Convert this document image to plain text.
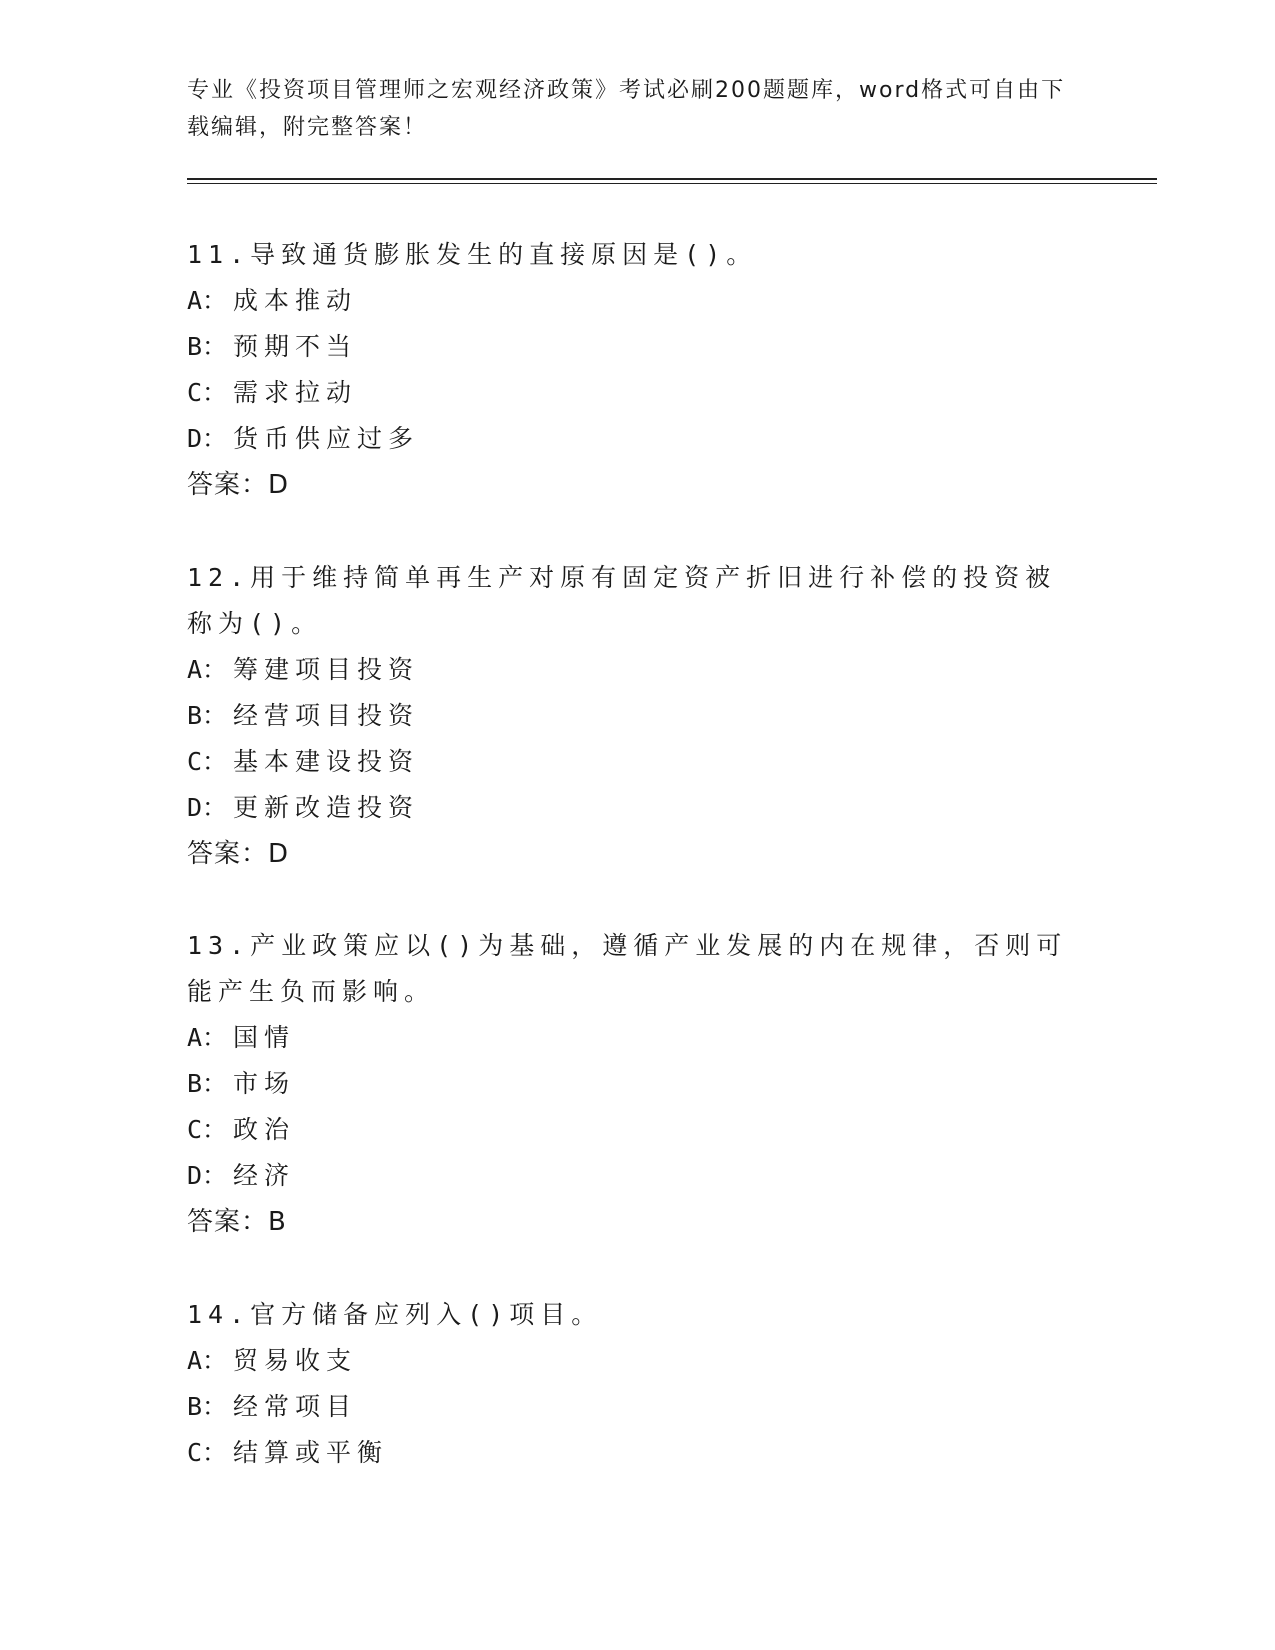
专业《投资项目管理师之宏观经济政策》考试必刷200题题库，word格式可自由下载编辑，附完整答案！
11.导致通货膨胀发生的直接原因是()。
A： 成本推动
B： 预期不当
C： 需求拉动
D： 货币供应过多
答案：D
12.用于维持简单再生产对原有固定资产折旧进行补偿的投资被称为()。
A： 筹建项目投资
B： 经营项目投资
C： 基本建设投资
D： 更新改造投资
答案：D
13.产业政策应以()为基础，遵循产业发展的内在规律，否则可能产生负而影响。
A： 国情
B： 市场
C： 政治
D： 经济
答案：B
14.官方储备应列入()项目。
A： 贸易收支
B： 经常项目
C： 结算或平衡
